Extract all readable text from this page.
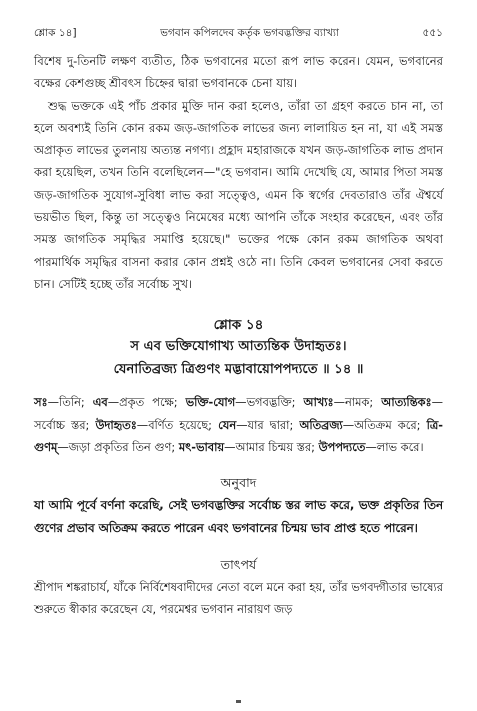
শ্লোক ১৪]	ভগবান কপিলদেব কর্তৃক ভগবদ্ভক্তির ব্যাখ্যা	৫৫১

বিশেষ দু-তিনটি লক্ষণ ব্যতীত, ঠিক ভগবানের মতো রূপ লাভ করেন। যেমন, ভগবানের বক্ষের কেশগুচ্ছ শ্রীবৎস চিহ্নের দ্বারা ভগবানকে চেনা যায়।

শুদ্ধ ভক্তকে এই পাঁচ প্রকার মুক্তি দান করা হলেও, তাঁরা তা গ্রহণ করতে চান না, তা হলে অবশ্যই তিনি কোন রকম জড়-জাগতিক লাভের জন্য লালায়িত হন না, যা এই সমস্ত অপ্রাকৃত লাভের তুলনায় অত্যন্ত নগণ্য। প্রহ্লাদ মহারাজকে যখন জড়-জাগতিক লাভ প্রদান করা হয়েছিল, তখন তিনি বলেছিলেন—"হে ভগবান। আমি দেখেছি যে, আমার পিতা সমস্ত জড়-জাগতিক সুযোগ-সুবিধা লাভ করা সত্ত্বেও, এমন কি স্বর্গের দেবতারাও তাঁর ঐশ্বর্যে ভয়ভীত ছিল, কিন্তু তা সত্ত্বেও নিমেষের মধ্যে আপনি তাঁকে সংহার করেছেন, এবং তাঁর সমস্ত জাগতিক সমৃদ্ধির সমাপ্তি হয়েছে।" ভক্তের পক্ষে কোন রকম জাগতিক অথবা পারমার্থিক সমৃদ্ধির বাসনা করার কোন প্রশ্নই ওঠে না। তিনি কেবল ভগবানের সেবা করতে চান। সেটিই হচ্ছে তাঁর সর্বোচ্চ সুখ।

শ্লোক ১৪
স এব ভক্তিযোগাখ্য আত্যন্তিক উদাহৃতঃ।
যেনাতিব্রজ্য ত্রিগুণং মদ্ভাবায়োপপদ্যতে ॥ ১৪ ॥
সঃ—তিনি; এব—প্রকৃত পক্ষে; ভক্তি-যোগ—ভগবদ্ভক্তি; আখ্যঃ—নামক; আত্যন্তিকঃ—সর্বোচ্চ স্তর; উদাহৃতঃ—বর্ণিত হয়েছে; যেন—যার দ্বারা; অতিব্রজ্য—অতিক্রম করে; ত্রি-গুণম্—জড়া প্রকৃতির তিন গুণ; মৎ-ভাবায়—আমার চিন্ময় স্তর; উপপদ্যতে—লাভ করে।
অনুবাদ
যা আমি পূর্বে বর্ণনা করেছি, সেই ভগবদ্ভক্তির সর্বোচ্চ স্তর লাভ করে, ভক্ত প্রকৃতির তিন গুণের প্রভাব অতিক্রম করতে পারেন এবং ভগবানের চিন্ময় ভাব প্রাপ্ত হতে পারেন।
তাৎপর্য
শ্রীপাদ শঙ্করাচার্য, যাঁকে নির্বিশেষবাদীদের নেতা বলে মনে করা হয়, তাঁর ভগবদ্গীতার ভাষ্যের শুরুতে স্বীকার করেছেন যে, পরমেশ্বর ভগবান নারায়ণ জড়
